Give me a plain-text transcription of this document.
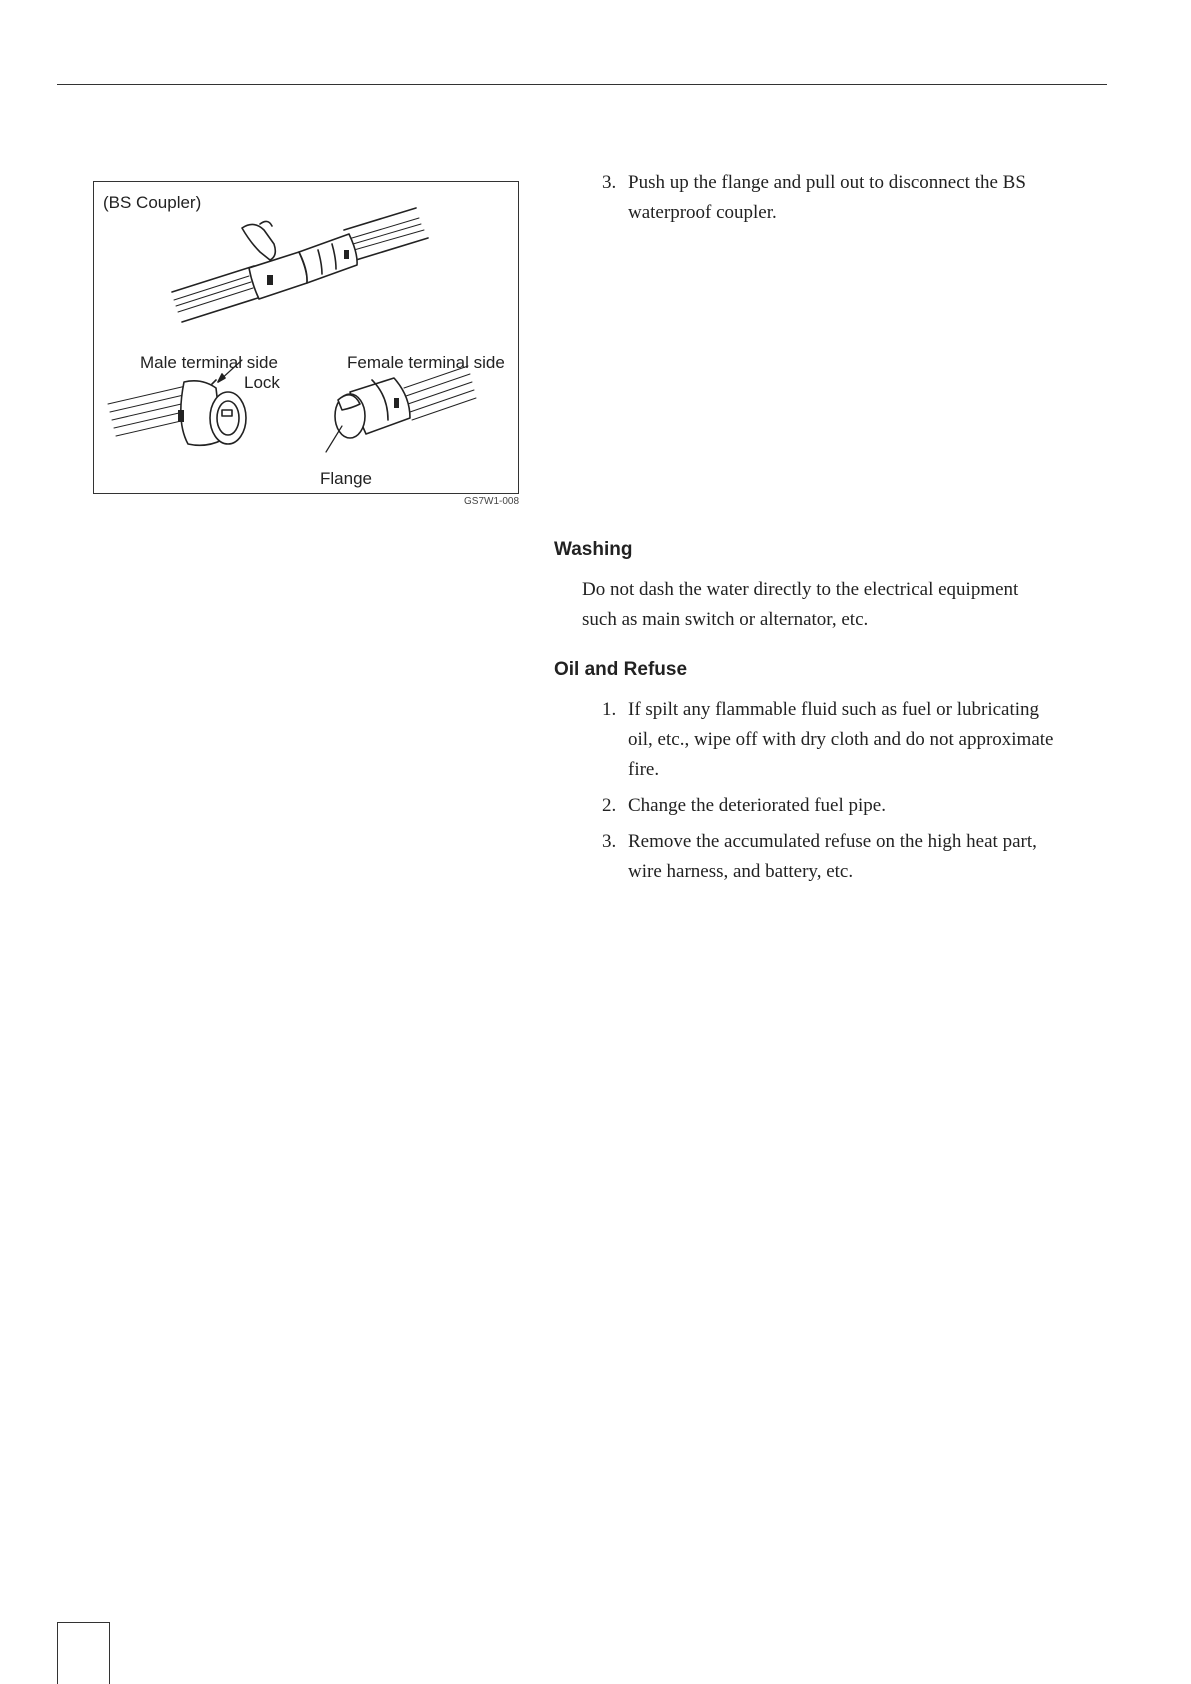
(BS Coupler)
Male terminal side	Female terminal side
Lock
Flange
GS7W1-008
3. Push up the flange and pull out to disconnect the BS waterproof coupler.
Washing
Do not dash the water directly to the electrical equipment such as main switch or alternator, etc.
Oil and Refuse
1. If spilt any flammable fluid such as fuel or lubricating oil, etc., wipe off with dry cloth and do not approximate fire.
2. Change the deteriorated fuel pipe.
3. Remove the accumulated refuse on the high heat part, wire harness, and battery, etc.
